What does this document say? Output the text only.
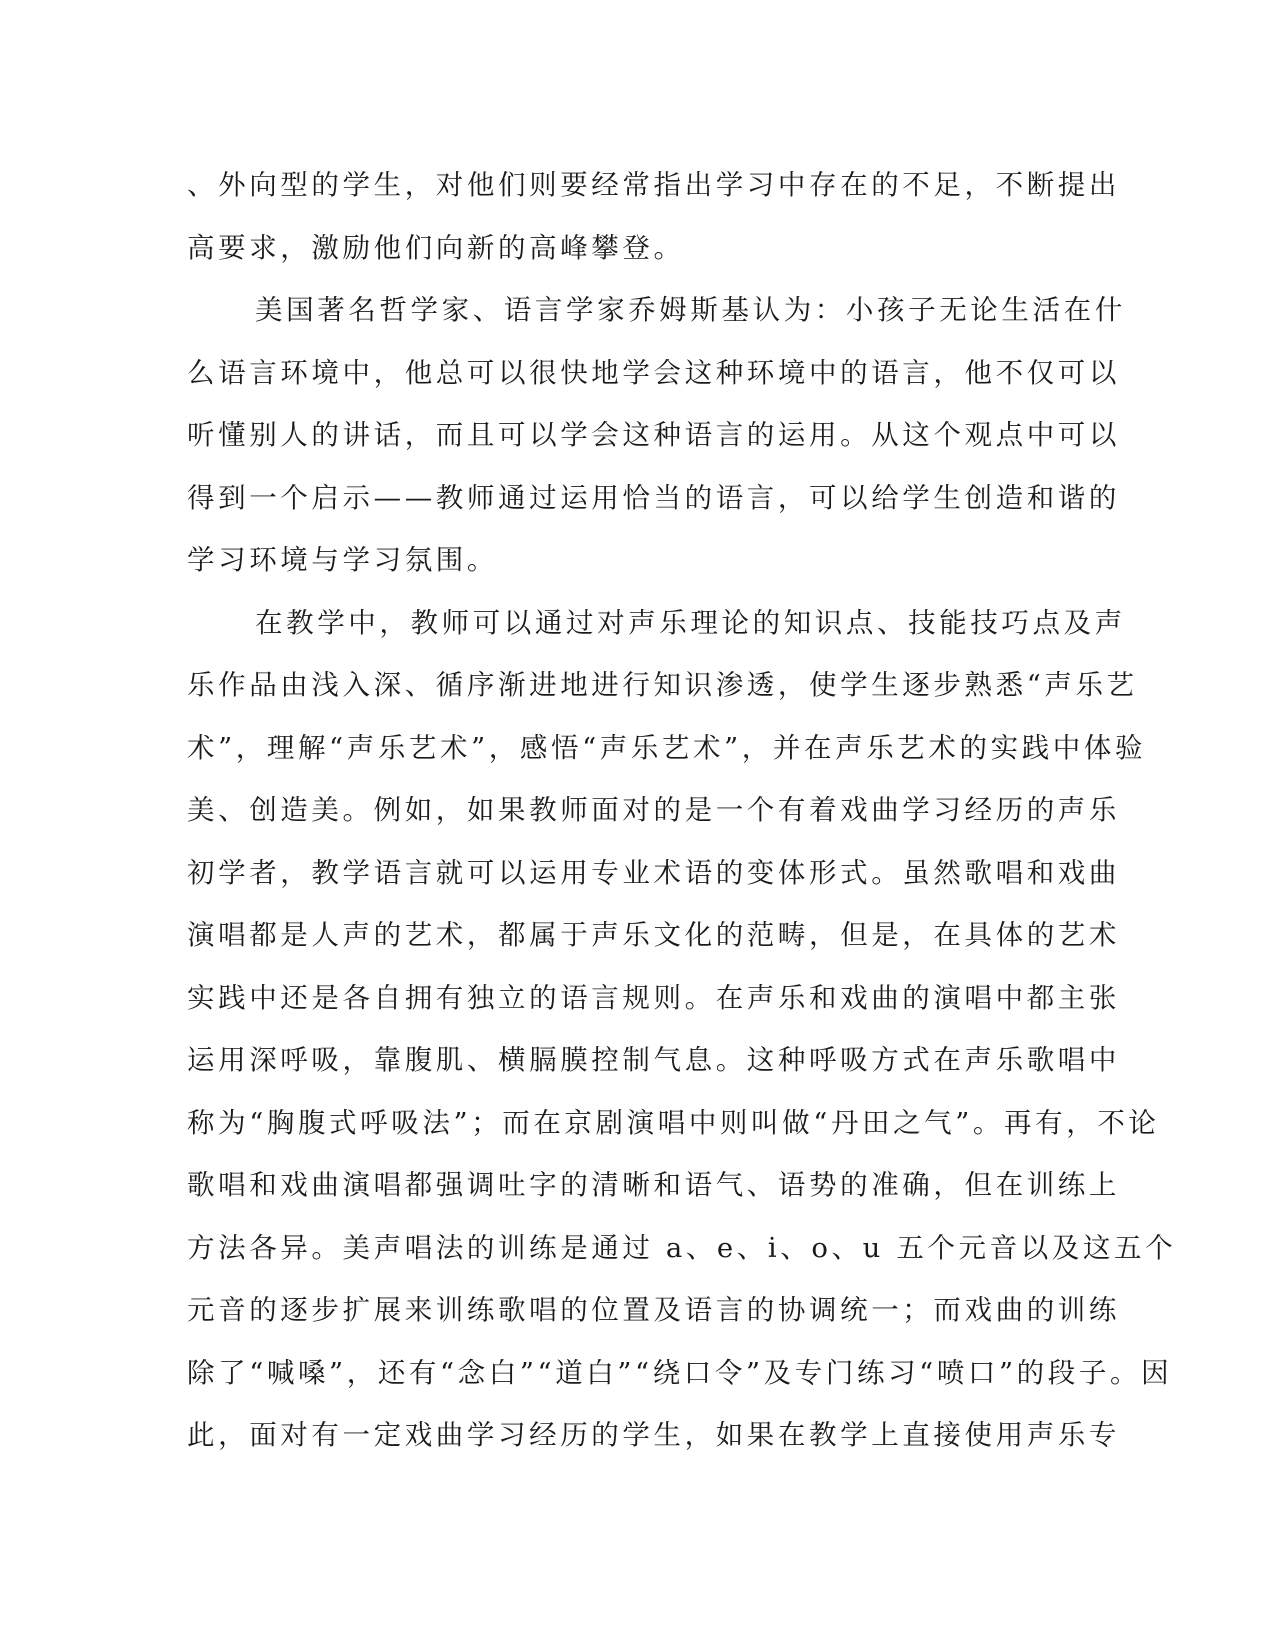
、外向型的学生，对他们则要经常指出学习中存在的不足，不断提出
高要求，激励他们向新的高峰攀登。
美国著名哲学家、语言学家乔姆斯基认为：小孩子无论生活在什
么语言环境中，他总可以很快地学会这种环境中的语言，他不仅可以
听懂别人的讲话，而且可以学会这种语言的运用。从这个观点中可以
得到一个启示——教师通过运用恰当的语言，可以给学生创造和谐的
学习环境与学习氛围。
在教学中，教师可以通过对声乐理论的知识点、技能技巧点及声
乐作品由浅入深、循序渐进地进行知识渗透，使学生逐步熟悉“声乐艺
术”，理解“声乐艺术”，感悟“声乐艺术”，并在声乐艺术的实践中体验
美、创造美。例如，如果教师面对的是一个有着戏曲学习经历的声乐
初学者，教学语言就可以运用专业术语的变体形式。虽然歌唱和戏曲
演唱都是人声的艺术，都属于声乐文化的范畴，但是，在具体的艺术
实践中还是各自拥有独立的语言规则。在声乐和戏曲的演唱中都主张
运用深呼吸，靠腹肌、横膈膜控制气息。这种呼吸方式在声乐歌唱中
称为“胸腹式呼吸法”；而在京剧演唱中则叫做“丹田之气”。再有，不论
歌唱和戏曲演唱都强调吐字的清晰和语气、语势的准确，但在训练上
方法各异。美声唱法的训练是通过 a、e、i、o、u 五个元音以及这五个
元音的逐步扩展来训练歌唱的位置及语言的协调统一；而戏曲的训练
除了“喊嗓”，还有“念白”“道白”“绕口令”及专门练习“喷口”的段子。因
此，面对有一定戏曲学习经历的学生，如果在教学上直接使用声乐专
